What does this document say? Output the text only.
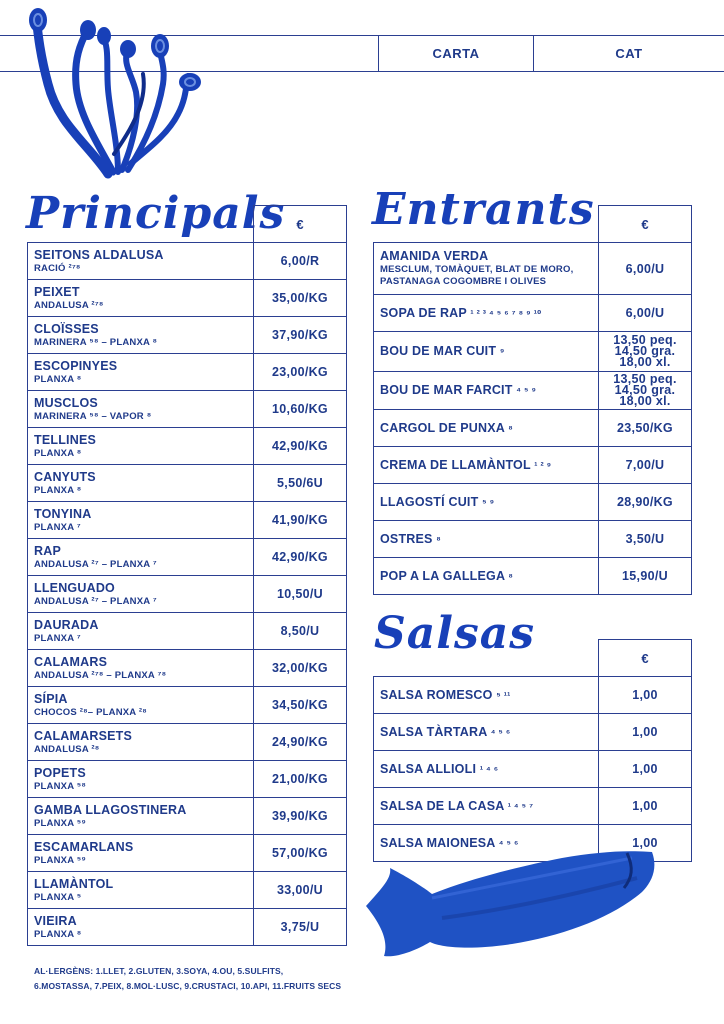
CARTA	CAT
Principals Entrants
Salsas
	€

SEITONS ALDALUSA
RACIÓ ²⁷⁸	6,00/R

PEIXET
ANDALUSA ²⁷⁸	35,00/KG

CLOÏSSES
MARINERA ⁵⁸ – PLANXA ⁸	37,90/KG

ESCOPINYES
PLANXA ⁸	23,00/KG

MUSCLOS
MARINERA ⁵⁸ – VAPOR ⁸	10,60/KG

TELLINES
PLANXA ⁸	42,90/KG

CANYUTS
PLANXA ⁸	5,50/6U

TONYINA
PLANXA ⁷	41,90/KG

RAP
ANDALUSA ²⁷ – PLANXA ⁷	42,90/KG

LLENGUADO
ANDALUSA ²⁷ – PLANXA ⁷	10,50/U

DAURADA
PLANXA ⁷	8,50/U

CALAMARS
ANDALUSA ²⁷⁸ – PLANXA ⁷⁸	32,00/KG

SÍPIA
CHOCOS ²⁸– PLANXA ²⁸	34,50/KG

CALAMARSETS
ANDALUSA ²⁸	24,90/KG

POPETS
PLANXA ⁵⁸	21,00/KG

GAMBA LLAGOSTINERA
PLANXA ⁵⁹	39,90/KG

ESCAMARLANS
PLANXA ⁵⁹	57,00/KG

LLAMÀNTOL
PLANXA ⁵	33,00/U

VIEIRA
PLANXA ⁸	3,75/U
	€

AMANIDA VERDA
MESCLUM, TOMÀQUET, BLAT DE MORO,
PASTANAGA COGOMBRE I OLIVES	6,00/U

SOPA DE RAP ¹ ² ³ ⁴ ⁵ ⁶ ⁷ ⁸ ⁹ ¹⁰	6,00/U

BOU DE MAR CUIT ⁹	13,50 peq.
14,50 gra.
18,00 xl.

BOU DE MAR FARCIT ⁴ ⁵ ⁹	13,50 peq.
14,50 gra.
18,00 xl.

CARGOL DE PUNXA ⁸	23,50/KG

CREMA DE LLAMÀNTOL ¹ ² ⁹	7,00/U

LLAGOSTÍ CUIT ⁵ ⁹	28,90/KG

OSTRES ⁸	3,50/U

POP A LA GALLEGA ⁸	15,90/U
	€

SALSA ROMESCO ⁵ ¹¹	1,00

SALSA TÀRTARA ⁴ ⁵ ⁶	1,00

SALSA ALLIOLI ¹ ⁴ ⁶	1,00

SALSA DE LA CASA ¹ ⁴ ⁵ ⁷	1,00

SALSA MAIONESA ⁴ ⁵ ⁶	1,00
AL·LERGÈNS: 1.LLET, 2.GLUTEN, 3.SOYA, 4.OU, 5.SULFITS,
6.MOSTASSA, 7.PEIX, 8.MOL·LUSC, 9.CRUSTACI, 10.API, 11.FRUITS SECS
